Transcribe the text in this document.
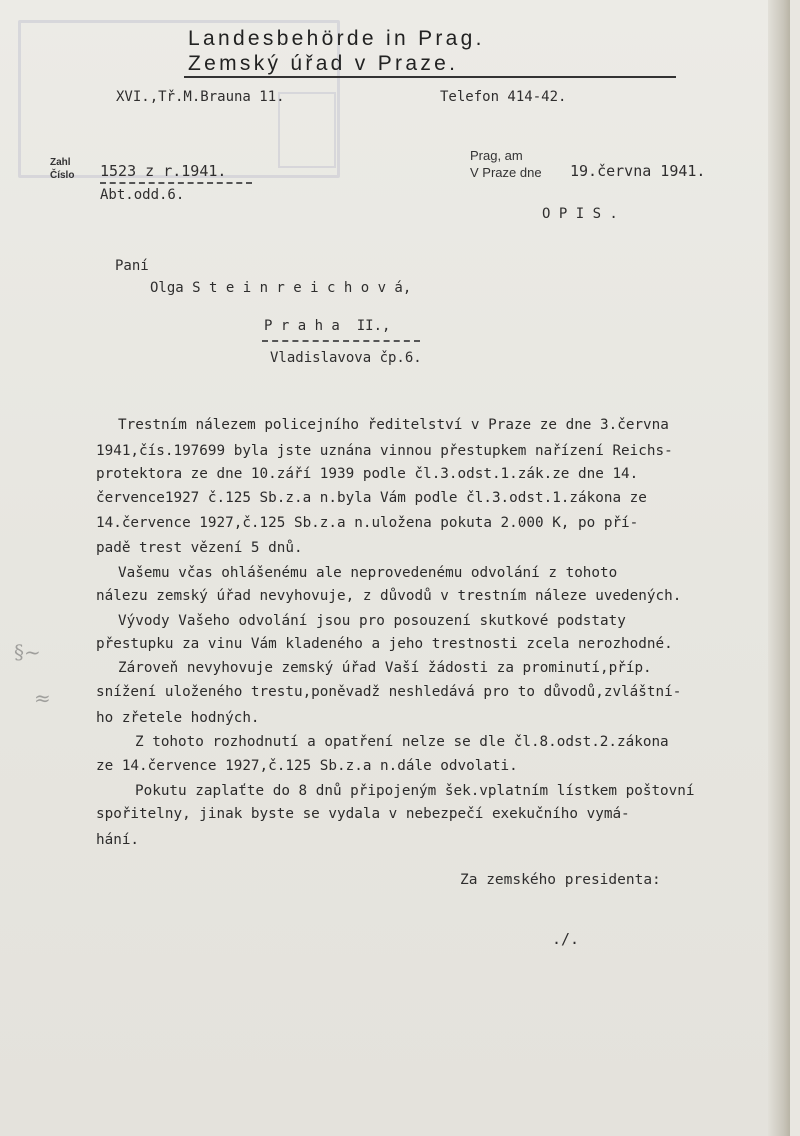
Landesbehörde in Prag.
Zemský úřad v Praze.
XVI.,Tř.M.Brauna 11.	Telefon 414-42.
Zahl
Číslo 1523 z r.1941.
Abt.odd.6.
Prag, am
V Praze dne 19.června 1941.
O P I S .
Paní
Olga S t e i n r e i c h o v á,
P r a h a  II.,
Vladislavova čp.6.
Trestním nálezem policejního ředitelství v Praze ze dne 3.června
1941,čís.197699 byla jste uznána vinnou přestupkem nařízení Reichs-
protektora ze dne 10.září 1939 podle čl.3.odst.1.zák.ze dne 14.
července1927 č.125 Sb.z.a n.byla Vám podle čl.3.odst.1.zákona ze
14.července 1927,č.125 Sb.z.a n.uložena pokuta 2.000 K, po pří-
padě trest vězení 5 dnů.
Vašemu včas ohlášenému ale neprovedenému odvolání z tohoto
nálezu zemský úřad nevyhovuje, z důvodů v trestním nálezе uvedených.
Vývody Vašeho odvolání jsou pro posouzení skutkové podstaty
přestupku za vinu Vám kladeného a jeho trestnosti zcela nerozhodné.
Zároveň nevyhovuje zemský úřad Vaší žádosti za prominutí,příp.
snížení uloženého trestu,poněvadž neshledává pro to důvodů,zvláštní-
ho zřetele hodných.
Z tohoto rozhodnutí a opatření nelze se dle čl.8.odst.2.zákona
ze 14.července 1927,č.125 Sb.z.a n.dále odvolati.
Pokutu zaplaťte do 8 dnů připojeným šek.vplatním lístkem poštovní
spořitelny, jinak byste se vydala v nebezpečí exekučního vymá-
hání.
Za zemského presidenta:
./.
§~
≈
